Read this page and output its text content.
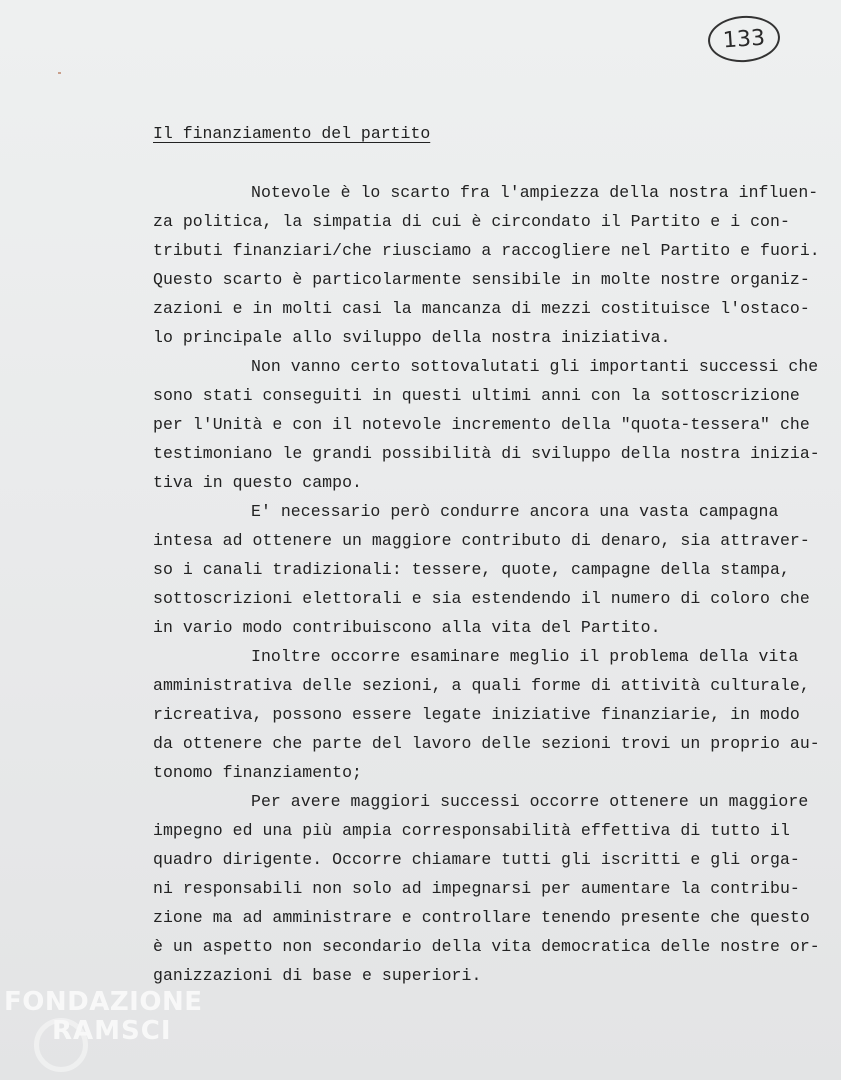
133
Il finanziamento del partito
Notevole è lo scarto fra l'ampiezza della nostra influen-
za politica, la simpatia di cui è circondato il Partito e i con-
tributi finanziari/che riusciamo a raccogliere nel Partito e fuori.
Questo scarto è particolarmente sensibile in molte nostre organiz-
zazioni e in molti casi la mancanza di mezzi costituisce l'ostaco-
lo principale allo sviluppo della nostra iniziativa.
Non vanno certo sottovalutati gli importanti successi che
sono stati conseguiti in questi ultimi anni con la sottoscrizione
per l'Unità e con il notevole incremento della "quota-tessera" che
testimoniano le grandi possibilità di sviluppo della nostra inizia-
tiva in questo campo.
E' necessario però condurre ancora una vasta campagna
intesa ad ottenere un maggiore contributo di denaro, sia attraver-
so i canali tradizionali: tessere, quote, campagne della stampa,
sottoscrizioni elettorali e sia estendendo il numero di coloro che
in vario modo contribuiscono alla vita del Partito.
Inoltre occorre esaminare meglio il problema della vita
amministrativa delle sezioni, a quali forme di attività culturale,
ricreativa, possono essere legate iniziative finanziarie, in modo
da ottenere che parte del lavoro delle sezioni trovi un proprio au-
tonomo finanziamento;
Per avere maggiori successi occorre ottenere un maggiore
impegno ed una più ampia corresponsabilità effettiva di tutto il
quadro dirigente. Occorre chiamare tutti gli iscritti e gli orga-
ni responsabili non solo ad impegnarsi per aumentare la contribu-
zione ma ad amministrare e controllare tenendo presente che questo
è un aspetto non secondario della vita democratica delle nostre or-
ganizzazioni di base e superiori.
FONDAZIONE
RAMSCI
